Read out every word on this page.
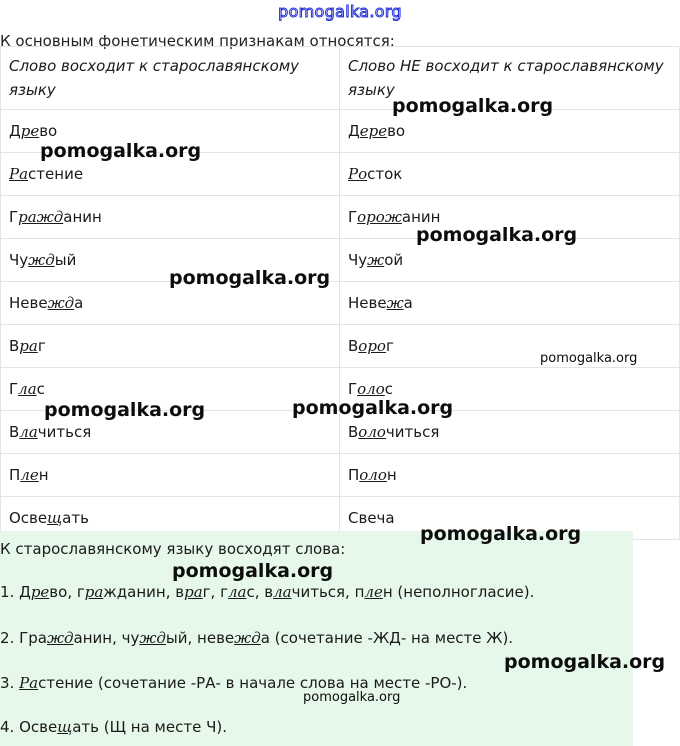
pomogalka.org
К основным фонетическим признакам относятся:
Слово восходит к старославянскому языку	Слово НЕ восходит к старославянскому языку
Древо	Дерево
Растение	Росток
Гражданин	Горожанин
Чуждый	Чужой
Невежда	Невежа
Враг	Ворог
Глас	Голос
Влачиться	Волочиться
Плен	Полон
Освещать	Свеча
К старославянскому языку восходят слова:
1. Древо, гражданин, враг, глас, влачиться, плен (неполногласие).
2. Гражданин, чуждый, невежда (сочетание -ЖД- на месте Ж).
3. Растение (сочетание -РА- в начале слова на месте -РО-).
4. Освещать (Щ на месте Ч).
pomogalka.org
pomogalka.org
pomogalka.org
pomogalka.org
pomogalka.org
pomogalka.org
pomogalka.org
pomogalka.org
pomogalka.org
pomogalka.org
pomogalka.org
